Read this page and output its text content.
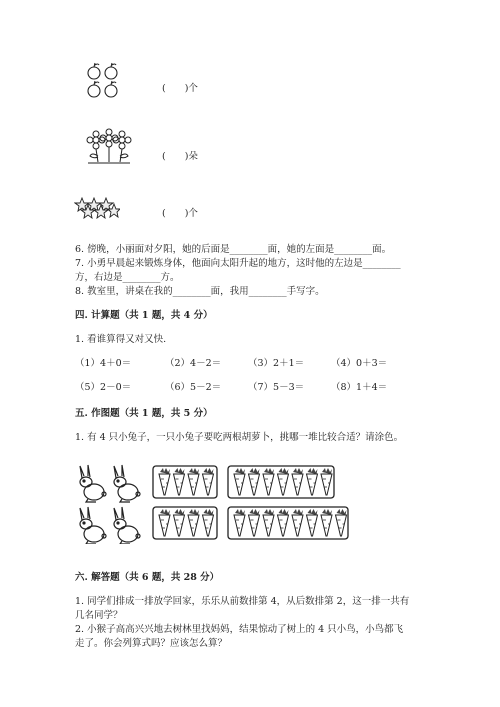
(　　)个
(　　)朵
(　　)个
6. 傍晚，小丽面对夕阳，她的后面是________面，她的左面是________面。
7. 小勇早晨起来锻炼身体，他面向太阳升起的地方，这时他的左边是________
方，右边是________方。
8. 教室里，讲桌在我的________面，我用________手写字。
四. 计算题（共 1 题，共 4 分）
1. 看谁算得又对又快.
（1）4＋0＝	（2）4－2＝	（3）2＋1＝	（4）0＋3＝
（5）2－0＝	（6）5－2＝	（7）5－3＝	（8）1＋4＝
五. 作图题（共 1 题，共 5 分）
1. 有 4 只小兔子，一只小兔子要吃两根胡萝卜，挑哪一堆比较合适？请涂色。
六. 解答题（共 6 题，共 28 分）
1. 同学们排成一排放学回家，乐乐从前数排第 4，从后数排第 2，这一排一共有
几名同学？
2. 小猴子高高兴兴地去树林里找妈妈，结果惊动了树上的 4 只小鸟，小鸟都飞
走了。你会列算式吗？应该怎么算？
